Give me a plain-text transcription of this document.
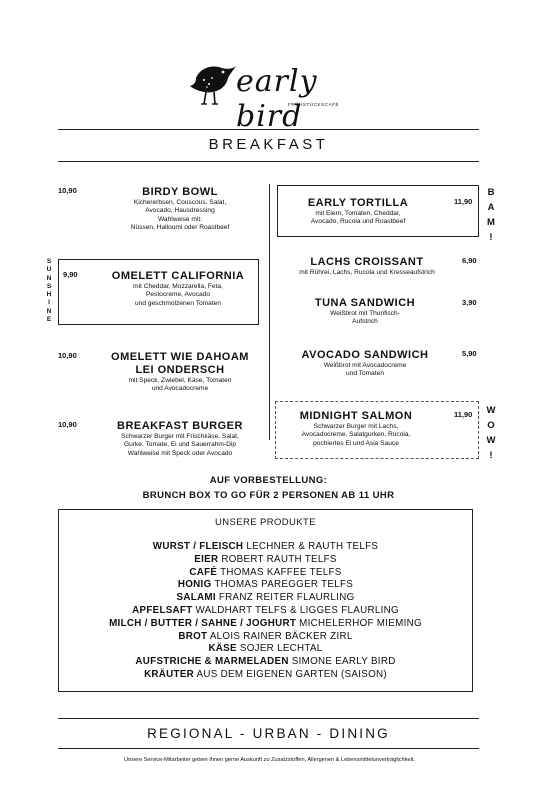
early bird
FRÜHSTÜCKSCAFÉ
BREAKFAST
10,90	BIRDY BOWL
Kichererbsen, Couscous, Salat,
Avocado, Hausdressing
Wahlweise mit:
Nüssen, Halloumi oder Roastbeef
S
U
N
S
H
I
N
E
9,90	OMELETT CALIFORNIA
mit Cheddar, Mozzarella, Feta,
Pestocreme, Avocado
und geschmolzenen Tomaten
10,90	OMELETT WIE DAHOAM
LEI ONDERSCH
mit Speck, Zwiebel, Käse, Tomaten
und Avocadocreme
10,90	BREAKFAST BURGER
Schwarzer Burger mit Frischkäse, Salat,
Gurke, Tomate, Ei und Sauerrahm-Dip
Wahlweise mit Speck oder Avocado
EARLY TORTILLA
mit Eiern, Tomaten, Cheddar,
Avocado, Rucola und Roastbeef
11,90
B
A
M
!
LACHS CROISSANT
mit Rührei, Lachs, Rucola und Kresseaufstrich
6,90
TUNA SANDWICH
Weißbrot mit Thunfisch-
Aufstrich
3,90
AVOCADO SANDWICH
Weißbrot mit Avocadocreme
und Tomaten
5,90
MIDNIGHT SALMON
Schwarzer Burger mit Lachs,
Avocadocreme, Salatgurken, Rucola,
pochiertes Ei und Asia Sauce
11,90 W
O
W
!
AUF VORBESTELLUNG:
BRUNCH BOX TO GO FÜR 2 PERSONEN AB 11 UHR
UNSERE PRODUKTE
WURST / FLEISCH LECHNER & RAUTH TELFS
EIER ROBERT RAUTH TELFS
CAFÉ THOMAS KAFFEE TELFS
HONIG THOMAS PAREGGER TELFS
SALAMI FRANZ REITER FLAURLING
APFELSAFT WALDHART TELFS & LIGGES FLAURLING
MILCH / BUTTER / SAHNE / JOGHURT MICHELERHOF MIEMING
BROT ALOIS RAINER BÄCKER ZIRL
KÄSE SOJER LECHTAL
AUFSTRICHE & MARMELADEN SIMONE EARLY BIRD
KRÄUTER AUS DEM EIGENEN GARTEN (SAISON)
REGIONAL - URBAN - DINING
Unsere Service-Mitarbeiter geben Ihnen gerne Auskunft zu Zusatzstoffen, Allergenen & Lebensmittelunverträglichkeit.
